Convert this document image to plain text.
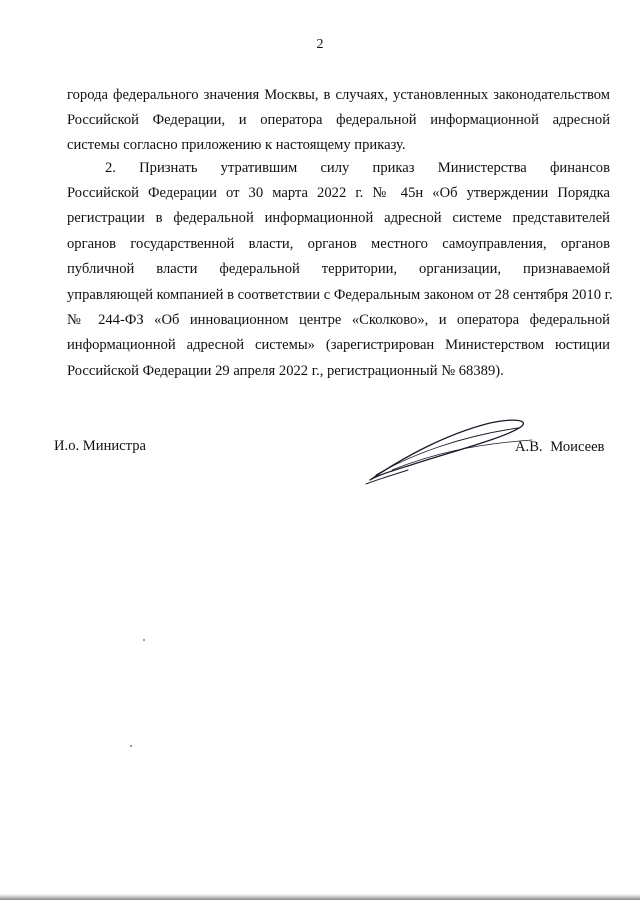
2
города федерального значения Москвы, в случаях, установленных законодательством
Российской Федерации, и оператора федеральной информационной адресной
системы согласно приложению к настоящему приказу.
2. Признать утратившим силу приказ Министерства финансов
Российской Федерации от 30 марта 2022 г. № 45н «Об утверждении Порядка
регистрации в федеральной информационной адресной системе представителей
органов государственной власти, органов местного самоуправления, органов
публичной власти федеральной территории, организации, признаваемой
управляющей компанией в соответствии с Федеральным законом от 28 сентября 2010 г.
№ 244-ФЗ «Об инновационном центре «Сколково», и оператора федеральной
информационной адресной системы» (зарегистрирован Министерством юстиции
Российской Федерации 29 апреля 2022 г., регистрационный № 68389).
И.о. Министра	А.В. Моисеев
